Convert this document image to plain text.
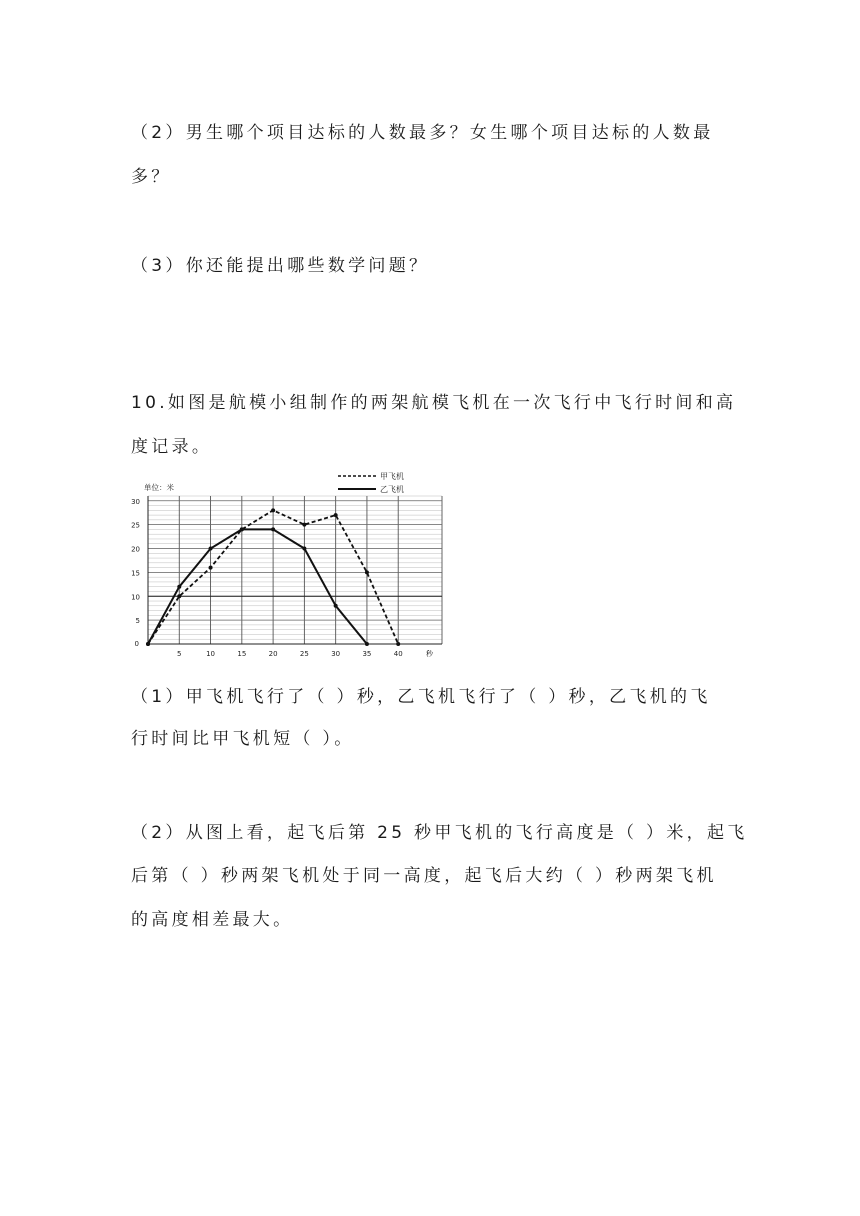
（2）男生哪个项目达标的人数最多？女生哪个项目达标的人数最
多？
（3）你还能提出哪些数学问题？
10.如图是航模小组制作的两架航模飞机在一次飞行中飞行时间和高
度记录。
5	10	15	20	25	30	35	40
0
秒
5
10
15
20
25
30
甲飞机
乙飞机
单位：米
（1）甲飞机飞行了（ ）秒，乙飞机飞行了（ ）秒，乙飞机的飞
行时间比甲飞机短（ ）。
（2）从图上看，起飞后第 25 秒甲飞机的飞行高度是（ ）米，起飞
后第（ ）秒两架飞机处于同一高度，起飞后大约（ ）秒两架飞机
的高度相差最大。
